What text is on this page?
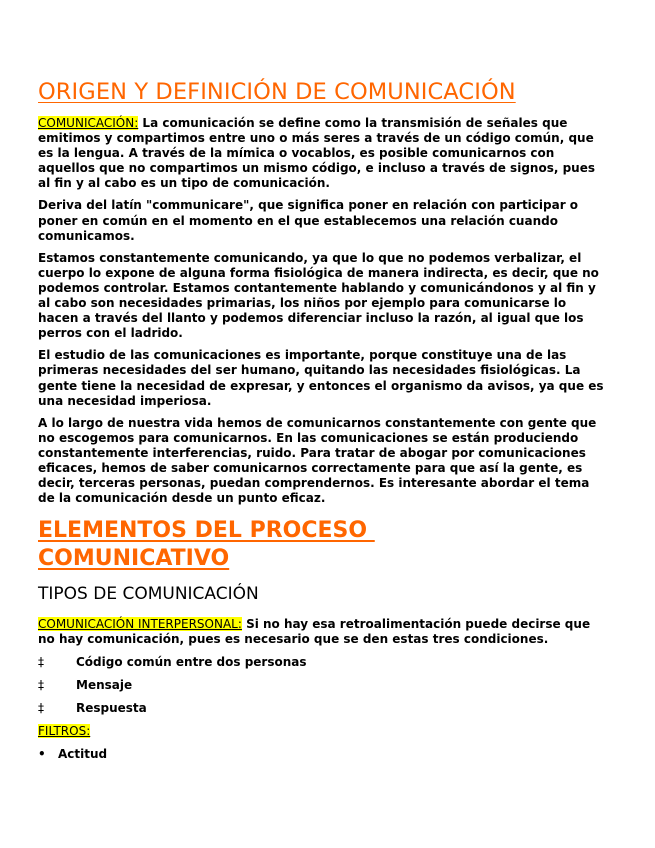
ORIGEN Y DEFINICIÓN DE COMUNICACIÓN

COMUNICACIÓN: La comunicación se define como la transmisión de señales que emitimos y compartimos entre uno o más seres a través de un código común, que es la lengua. A través de la mímica o vocablos, es posible comunicarnos con aquellos que no compartimos un mismo código, e incluso a través de signos, pues al fin y al cabo es un tipo de comunicación.

Deriva del latín "communicare", que significa poner en relación con participar o poner en común en el momento en el que establecemos una relación cuando comunicamos.

Estamos constantemente comunicando, ya que lo que no podemos verbalizar, el cuerpo lo expone de alguna forma fisiológica de manera indirecta, es decir, que no podemos controlar. Estamos contantemente hablando y comunicándonos y al fin y al cabo son necesidades primarias, los niños por ejemplo para comunicarse lo hacen a través del llanto y podemos diferenciar incluso la razón, al igual que los perros con el ladrido.

El estudio de las comunicaciones es importante, porque constituye una de las primeras necesidades del ser humano, quitando las necesidades fisiológicas. La gente tiene la necesidad de expresar, y entonces el organismo da avisos, ya que es una necesidad imperiosa.

A lo largo de nuestra vida hemos de comunicarnos constantemente con gente que no escogemos para comunicarnos. En las comunicaciones se están produciendo constantemente interferencias, ruido. Para tratar de abogar por comunicaciones eficaces, hemos de saber comunicarnos correctamente para que así la gente, es decir, terceras personas, puedan comprendernos. Es interesante abordar el tema de la comunicación desde un punto eficaz.

ELEMENTOS DEL PROCESO
COMUNICATIVO
TIPOS DE COMUNICACIÓN

COMUNICACIÓN INTERPERSONAL: Si no hay esa retroalimentación puede decirse que no hay comunicación, pues es necesario que se den estas tres condiciones.

‡	Código común entre dos personas
‡	Mensaje
‡	Respuesta
FILTROS:
•	Actitud
